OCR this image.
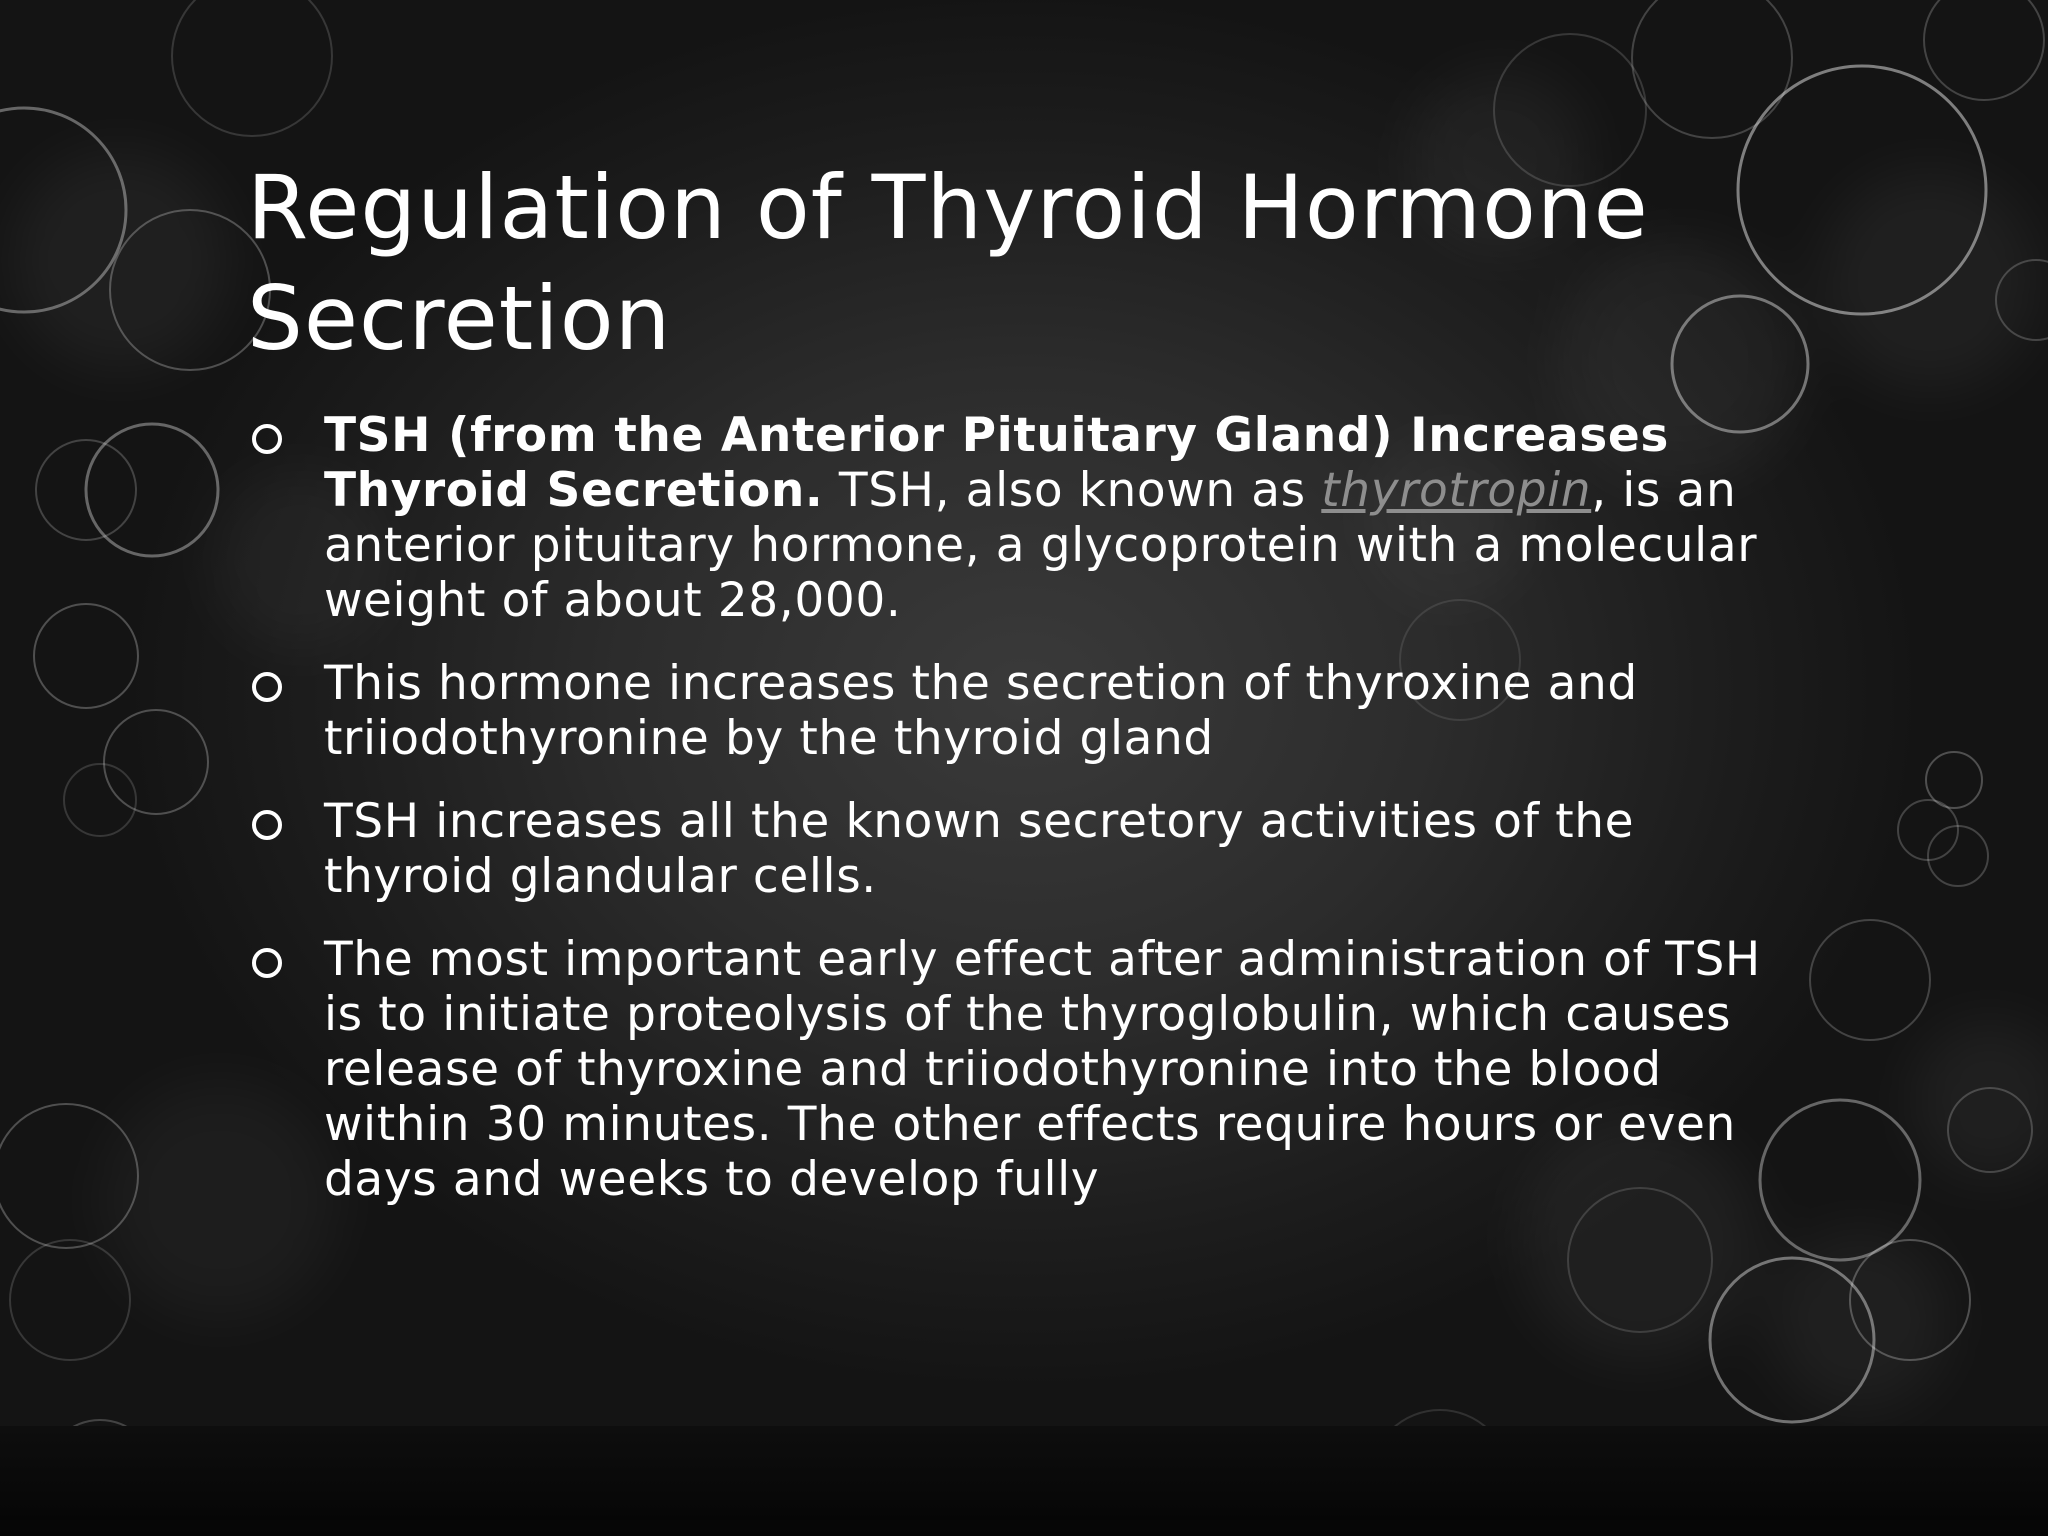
Regulation of Thyroid Hormone
Secretion
TSH (from the Anterior Pituitary Gland) Increases Thyroid Secretion. TSH, also known as thyrotropin, is an anterior pituitary hormone, a glycoprotein with a molecular weight of about 28,000.
This hormone increases the secretion of thyroxine and triiodothyronine by the thyroid gland
TSH increases all the known secretory activities of the thyroid glandular cells.
The most important early effect after administration of TSH is to initiate proteolysis of the thyroglobulin, which causes release of thyroxine and triiodothyronine into the blood within 30 minutes. The other effects require hours or even days and weeks to develop fully
